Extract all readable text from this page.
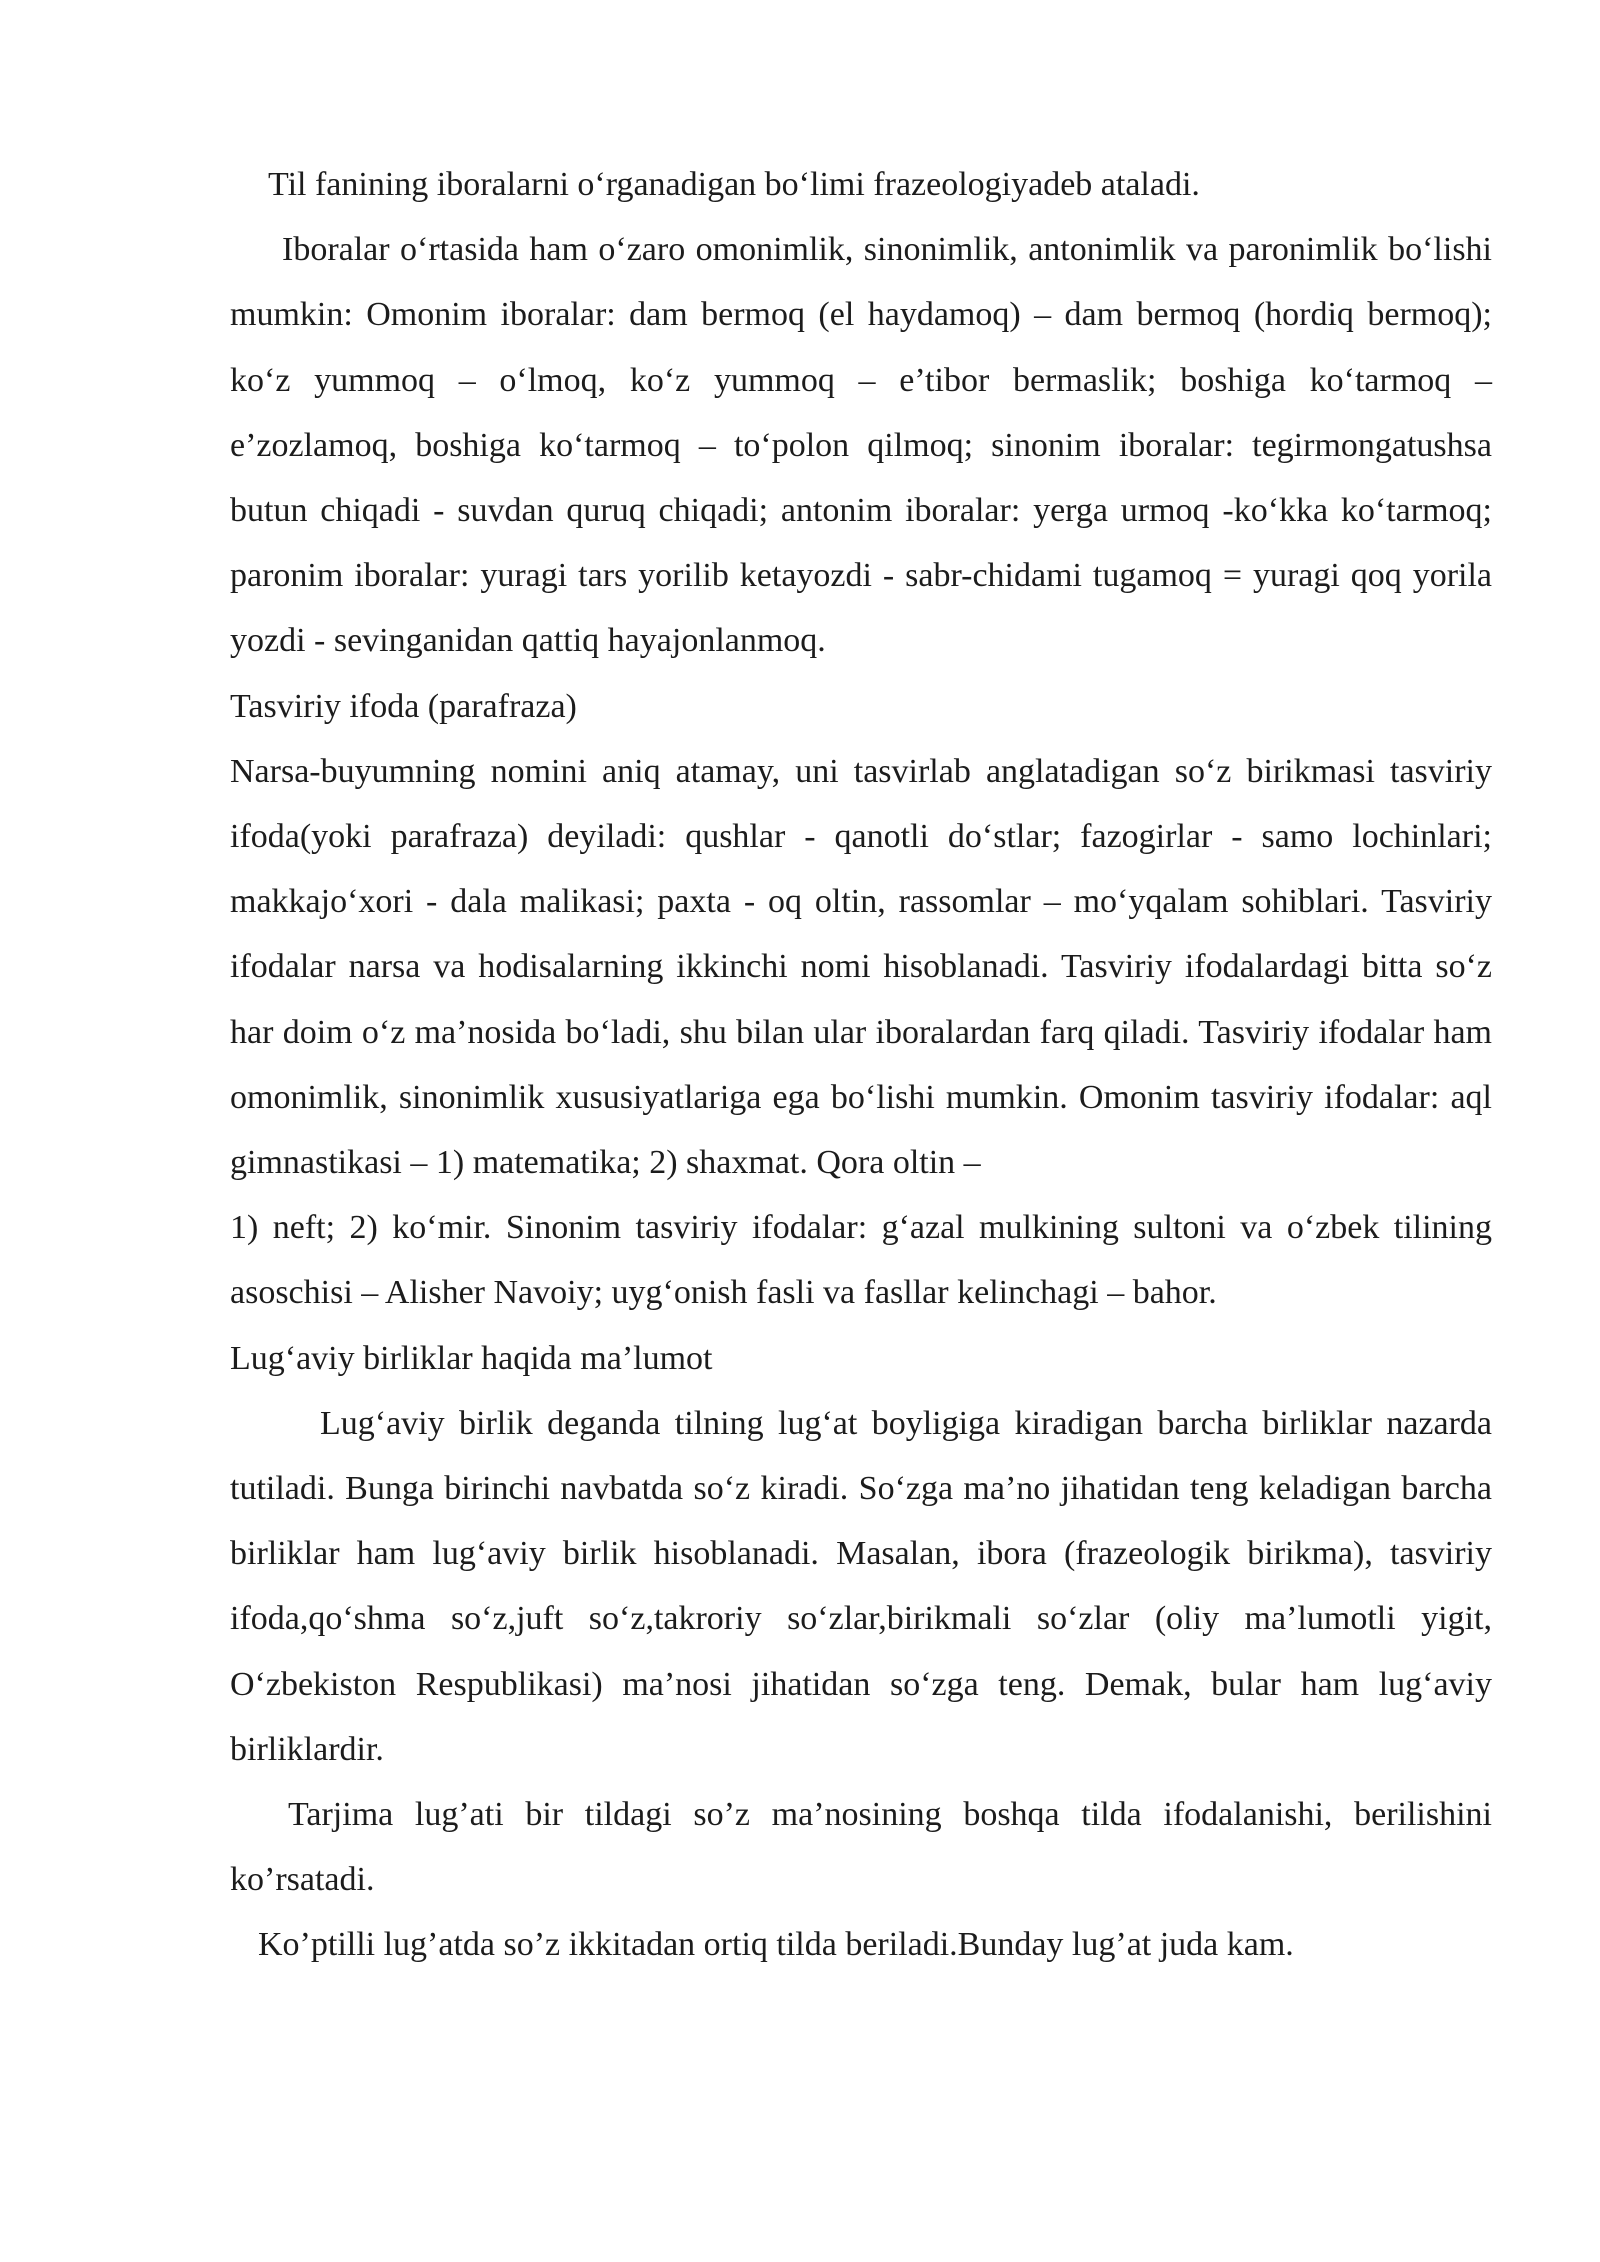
Til fanining iboralarni o‘rganadigan bo‘limi frazeologiyadeb ataladi.

Iboralar o‘rtasida ham o‘zaro omonimlik, sinonimlik, antonimlik va paronimlik bo‘lishi mumkin: Omonim iboralar: dam bermoq (el haydamoq) – dam bermoq (hordiq bermoq); ko‘z yummoq – o‘lmoq, ko‘z yummoq – e’tibor bermaslik; boshiga ko‘tarmoq – e’zozlamoq, boshiga ko‘tarmoq – to‘polon qilmoq; sinonim iboralar: tegirmongatushsa butun chiqadi - suvdan quruq chiqadi; antonim iboralar: yerga urmoq -ko‘kka ko‘tarmoq; paronim iboralar: yuragi tars yorilib ketayozdi - sabr-chidami tugamoq = yuragi qoq yorila yozdi - sevinganidan qattiq hayajonlanmoq.

Tasviriy ifoda (parafraza)

Narsa-buyumning nomini aniq atamay, uni tasvirlab anglatadigan so‘z birikmasi tasviriy ifoda(yoki parafraza) deyiladi: qushlar - qanotli do‘stlar; fazogirlar - samo lochinlari; makkajo‘xori - dala malikasi; paxta - oq oltin, rassomlar – mo‘yqalam sohiblari. Tasviriy ifodalar narsa va hodisalarning ikkinchi nomi hisoblanadi. Tasviriy ifodalardagi bitta so‘z har doim o‘z ma’nosida bo‘ladi, shu bilan ular iboralardan farq qiladi. Tasviriy ifodalar ham omonimlik, sinonimlik xususiyatlariga ega bo‘lishi mumkin. Omonim tasviriy ifodalar: aql gimnastikasi – 1) matematika; 2) shaxmat. Qora oltin –

1) neft; 2) ko‘mir. Sinonim tasviriy ifodalar: g‘azal mulkining sultoni va o‘zbek tilining asoschisi – Alisher Navoiy; uyg‘onish fasli va fasllar kelinchagi – bahor.

Lug‘aviy birliklar haqida ma’lumot

Lug‘aviy birlik deganda tilning lug‘at boyligiga kiradigan barcha birliklar nazarda tutiladi. Bunga birinchi navbatda so‘z kiradi. So‘zga ma’no jihatidan teng keladigan barcha birliklar ham lug‘aviy birlik hisoblanadi. Masalan, ibora (frazeologik birikma), tasviriy ifoda,qo‘shma so‘z,juft so‘z,takroriy so‘zlar,birikmali so‘zlar (oliy ma’lumotli yigit, O‘zbekiston Respublikasi) ma’nosi jihatidan so‘zga teng. Demak, bular ham lug‘aviy birliklardir.

Tarjima lug’ati bir tildagi so’z ma’nosining boshqa tilda ifodalanishi, berilishini ko’rsatadi.

Ko’ptilli lug’atda so’z ikkitadan ortiq tilda beriladi.Bunday lug’at juda kam.
